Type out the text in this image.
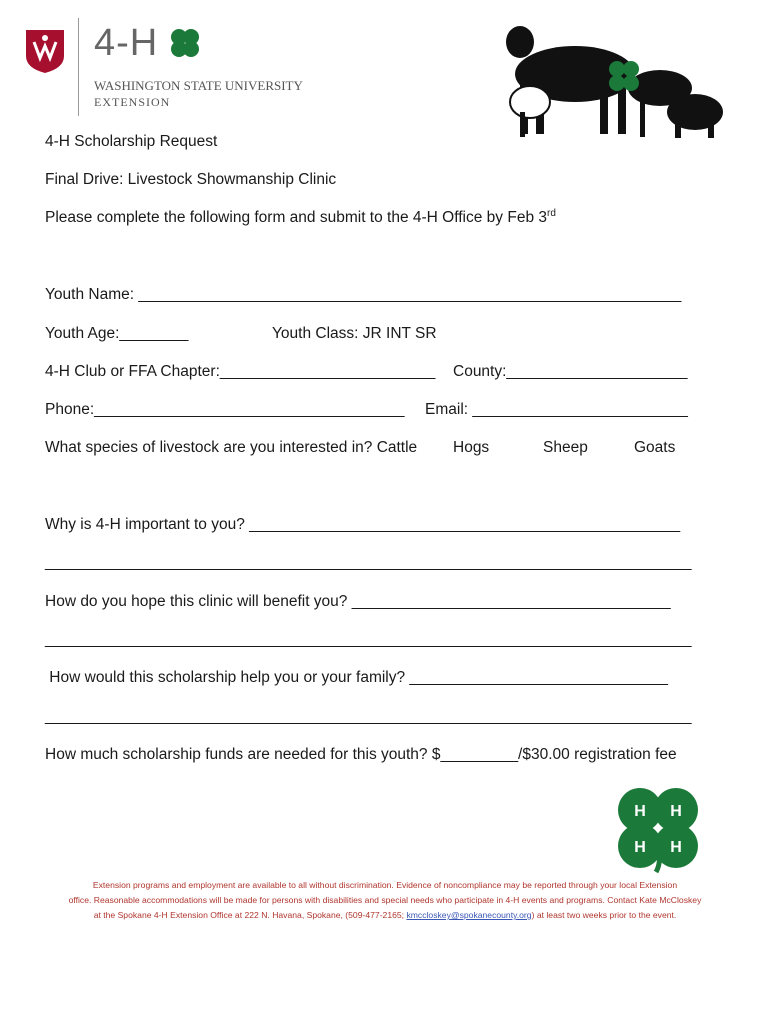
4-H
WASHINGTON STATE UNIVERSITY
EXTENSION
4-H Scholarship Request
Final Drive: Livestock Showmanship Clinic
Please complete the following form and submit to the 4-H Office by Feb 3rd
Youth Name: _______________________________________________________________
Youth Age:________	Youth Class: JR INT SR
4-H Club or FFA Chapter:_________________________ County:_____________________
Phone:____________________________________ Email: _________________________
What species of livestock are you interested in? Cattle Hogs	Sheep	Goats
Why is 4-H important to you? __________________________________________________
___________________________________________________________________________
How do you hope this clinic will benefit you? _____________________________________
___________________________________________________________________________
How would this scholarship help you or your family? ______________________________
___________________________________________________________________________
How much scholarship funds are needed for this youth? $_________/$30.00 registration fee
H H
H H
Extension programs and employment are available to all without discrimination. Evidence of noncompliance may be reported through your local Extension
office. Reasonable accommodations will be made for persons with disabilities and special needs who participate in 4-H events and programs. Contact Kate McCloskey
at the Spokane 4-H Extension Office at 222 N. Havana, Spokane, (509-477-2165; kmccloskey@spokanecounty.org) at least two weeks prior to the event.
